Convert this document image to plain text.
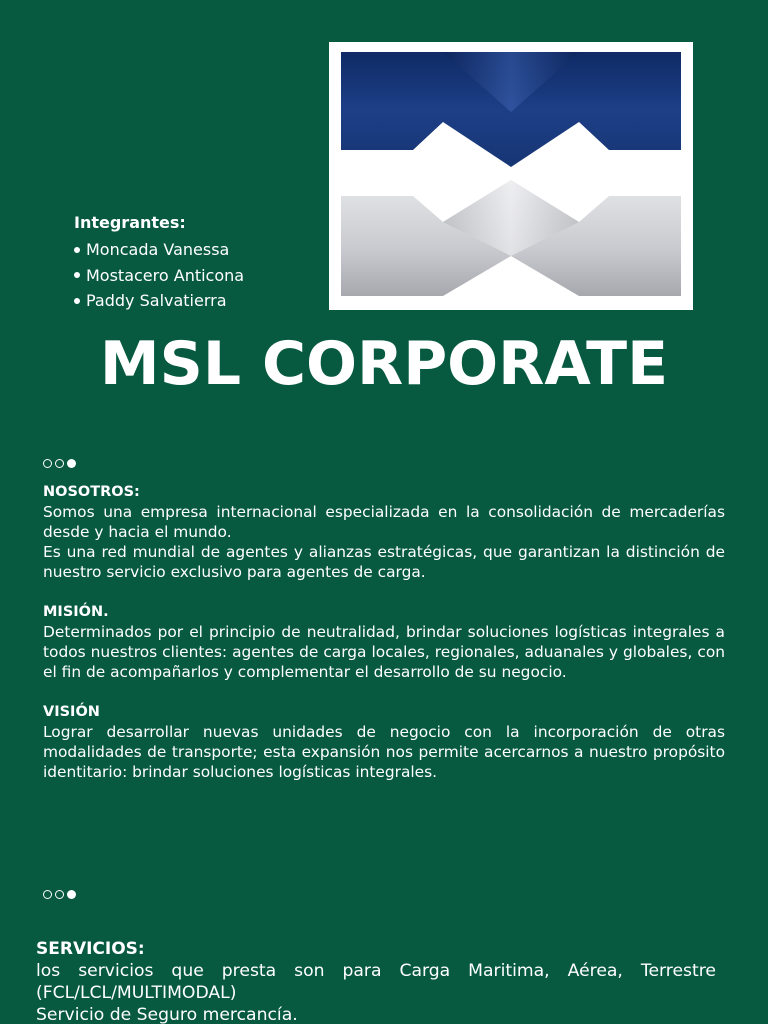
Integrantes:
Moncada Vanessa
Mostacero Anticona
Paddy Salvatierra
MSL CORPORATE
NOSOTROS:

Somos una empresa internacional especializada en la consolidación de mercaderías desde y hacia el mundo.

Es una red mundial de agentes y alianzas estratégicas, que garantizan la distinción de nuestro servicio exclusivo para agentes de carga.

MISIÓN.

Determinados por el principio de neutralidad, brindar soluciones logísticas integrales a todos nuestros clientes: agentes de carga locales, regionales, aduanales y globales, con el fin de acompañarlos y complementar el desarrollo de su negocio.

VISIÓN

Lograr desarrollar nuevas unidades de negocio con la incorporación de otras modalidades de transporte; esta expansión nos permite acercarnos a nuestro propósito identitario: brindar soluciones logísticas integrales.

SERVICIOS:

los servicios que presta son para Carga Maritima, Aérea, Terrestre (FCL/LCL/MULTIMODAL)

Servicio de Seguro mercancía.
